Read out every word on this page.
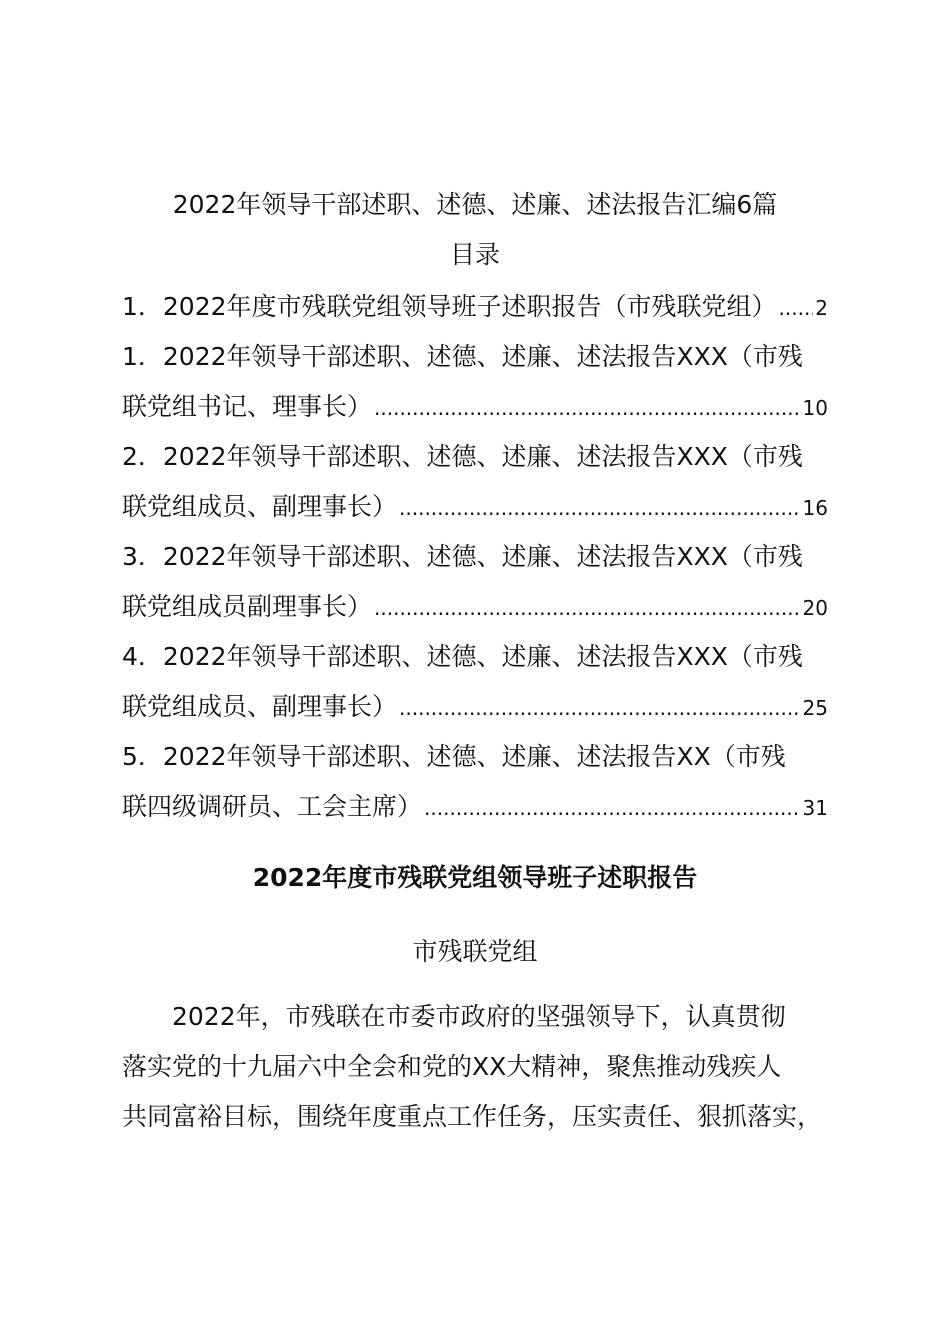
2022年领导干部述职、述德、述廉、述法报告汇编6篇
目录
1．2022年度市残联党组领导班子述职报告（市残联党组） ..... 2
1．2022年领导干部述职、述德、述廉、述法报告XXX（市残
联党组书记、理事长） .....	10
2．2022年领导干部述职、述德、述廉、述法报告XXX（市残
联党组成员、副理事长） .....	16
3．2022年领导干部述职、述德、述廉、述法报告XXX（市残
联党组成员副理事长） .....	20
4．2022年领导干部述职、述德、述廉、述法报告XXX（市残
联党组成员、副理事长） .....	25
5．2022年领导干部述职、述德、述廉、述法报告XX（市残
联四级调研员、工会主席） .....	31
2022年度市残联党组领导班子述职报告

市残联党组

2022年，市残联在市委市政府的坚强领导下，认真贯彻
落实党的十九届六中全会和党的XX大精神，聚焦推动残疾人
共同富裕目标，围绕年度重点工作任务，压实责任、狠抓落实，
